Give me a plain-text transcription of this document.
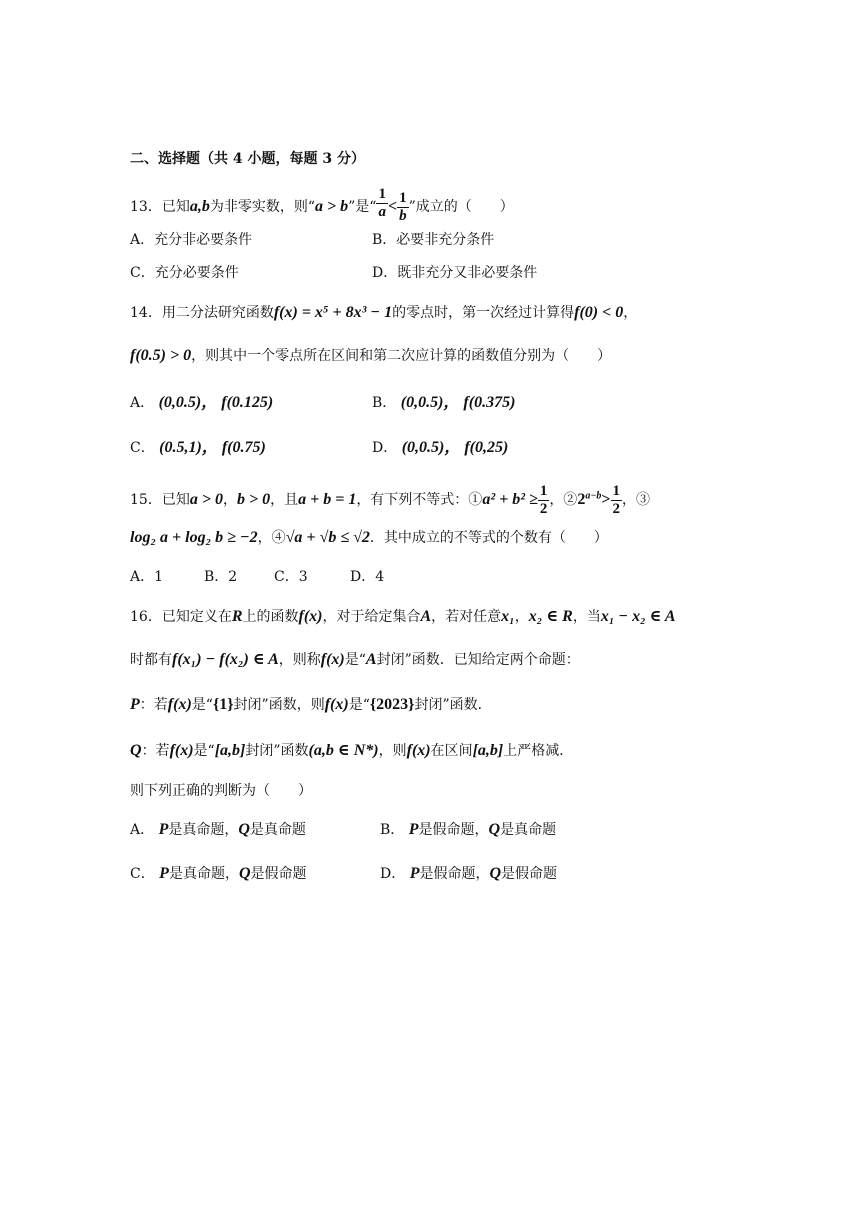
二、选择题（共 4 小题，每题 3 分）
13．已知a,b为非零实数，则“a > b”是“ $\frac{1}{a} < \frac{1}{b}$ ”成立的（　　）
A．充分非必要条件	B．必要非充分条件
C．充分必要条件	D．既非充分又非必要条件
14．用二分法研究函数f(x) = x⁵ + 8x³ − 1的零点时，第一次经过计算得f(0) < 0，
f(0.5) > 0，则其中一个零点所在区间和第二次应计算的函数值分别为（　　）
A． (0,0.5)， f(0.125)	B． (0,0.5)， f(0.375)
C． (0.5,1)， f(0.75)	D． (0,0.5)， f(0,25)
15．已知a > 0，b > 0，且a + b = 1，有下列不等式：①a² + $b^2 \ge \frac{1}{2}$ ，$②2^{a-b}> \frac{1}{2}$ ，③
log₂ a + log₂ b ≥ −2，④√a + √b ≤ √2．其中成立的不等式的个数有（　　）
A．1	B．2	C．3	D．4
16．已知定义在R上的函数f(x)，对于给定集合A，若对任意x₁，x₂ ∈ R，当x₁ − x₂ ∈ A
时都有f(x₁) − f(x₂) ∈ A，则称f(x)是“A封闭”函数．已知给定两个命题：
P：若f(x)是“{1}封闭”函数，则f(x)是“{2023}封闭”函数．
Q：若f(x)是“[a,b]封闭”函数(a,b ∈ N*)，则f(x)在区间[a,b]上严格减．
则下列正确的判断为（　　）
A． P是真命题，Q是真命题	B． P是假命题，Q是真命题
C． P是真命题，Q是假命题	D． P是假命题，Q是假命题
